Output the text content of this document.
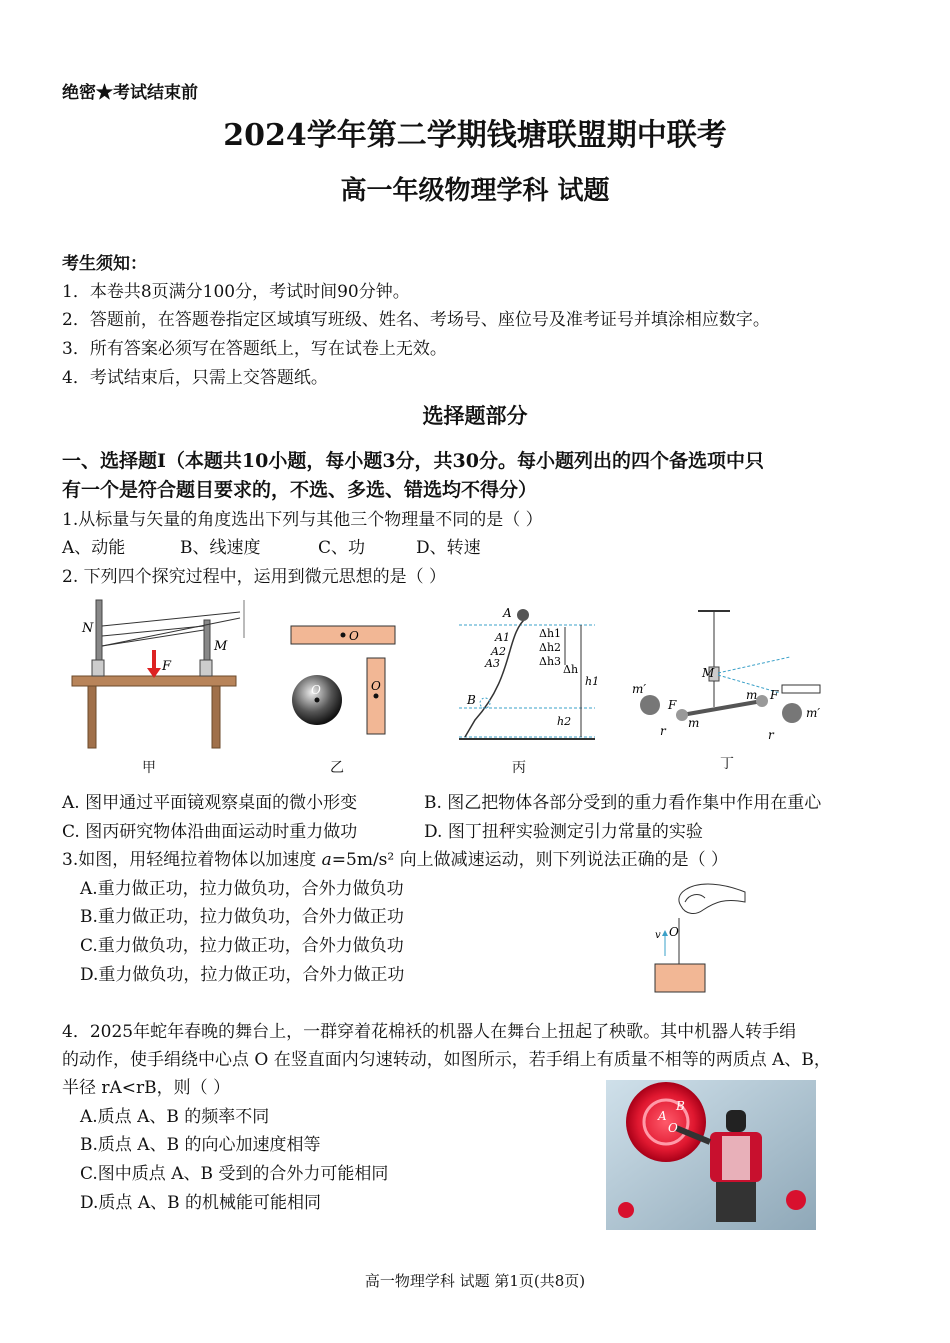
绝密★考试结束前
2024学年第二学期钱塘联盟期中联考
高一年级物理学科 试题
考生须知：
1．本卷共8页满分100分，考试时间90分钟。
2．答题前，在答题卷指定区域填写班级、姓名、考场号、座位号及准考证号并填涂相应数字。
3．所有答案必须写在答题纸上，写在试卷上无效。
4．考试结束后，只需上交答题纸。
选择题部分
一、选择题Ⅰ（本题共10小题，每小题3分，共30分。每小题列出的四个备选项中只
有一个是符合题目要求的，不选、多选、错选均不得分）
1.从标量与矢量的角度选出下列与其他三个物理量不同的是（ ）
A、动能	B、线速度	C、功	D、转速
2. 下列四个探究过程中，运用到微元思想的是（ ）
N
M
F
甲
O
O	O
乙
A
A1
A2
A3
B
Δh1
Δh2
Δh3
Δh
h1
h2
丙
M
m′
m′
m
m
F
F
r	r
丁
A. 图甲通过平面镜观察桌面的微小形变	B. 图乙把物体各部分受到的重力看作集中作用在重心
C. 图丙研究物体沿曲面运动时重力做功	D. 图丁扭秤实验测定引力常量的实验
3.如图，用轻绳拉着物体以加速度 a=5m/s² 向上做减速运动，则下列说法正确的是（ ）
A.重力做正功，拉力做负功，合外力做负功
B.重力做正功，拉力做负功，合外力做正功
C.重力做负功，拉力做正功，合外力做负功
D.重力做负功，拉力做正功，合外力做正功
v O
4．2025年蛇年春晚的舞台上，一群穿着花棉袄的机器人在舞台上扭起了秧歌。其中机器人转手绢
的动作，使手绢绕中心点 O 在竖直面内匀速转动，如图所示，若手绢上有质量不相等的两质点 A、B，
半径 rA<rB，则（ ）
A.质点 A、B 的频率不同
B.质点 A、B 的向心加速度相等
C.图中质点 A、B 受到的合外力可能相同
D.质点 A、B 的机械能可能相同
A
B
O
高一物理学科 试题 第1页(共8页)
